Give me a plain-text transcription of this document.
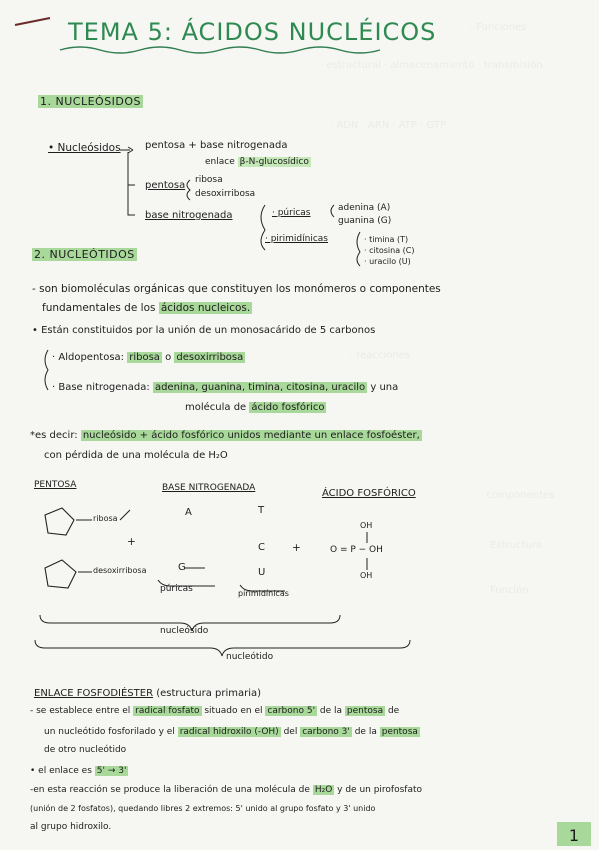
· Funciones
· estructural · almacenamiento · transmisión
· ADN · ARN · ATP · GTP
· reacciones
· componentes
Estructura
Función
TEMA 5: ÁCIDOS NUCLÉICOS
1. NUCLEÓSIDOS
• Nucleósidos pentosa + base nitrogenada
enlace β-N-glucosídico
pentosa ribosa
desoxirribosa
base nitrogenada	· púricas	adenina (A)
guanina (G)
· pirimidínicas	· timina (T)
· citosina (C)
· uracilo (U)
2. NUCLEÓTIDOS
- son biomoléculas orgánicas que constituyen los monómeros o componentes
fundamentales de los ácidos nucleicos.
• Están constituidos por la unión de un monosacárido de 5 carbonos
· Aldopentosa: ribosa o desoxirribosa
· Base nitrogenada: adenina, guanina, timina, citosina, uracilo y una
molécula de ácido fosfórico
*es decir: nucleósido + ácido fosfórico unidos mediante un enlace fosfoéster,
con pérdida de una molécula de H₂O
PENTOSA	BASE NITROGENADA	ÁCIDO FOSFÓRICO
ribosa
desoxirribosa
A	T
G
C
U
+	+
OH
O = P − OH
OH
púricas	pirimidínicas
nucleósido
nucleótido
ENLACE FOSFODIÉSTER (estructura primaria)
- se establece entre el radical fosfato situado en el carbono 5' de la pentosa de
un nucleótido fosforilado y el radical hidroxilo (-OH) del carbono 3' de la pentosa
de otro nucleótido
• el enlace es 5' → 3'
-en esta reacción se produce la liberación de una molécula de H₂O y de un pirofosfato
(unión de 2 fosfatos), quedando libres 2 extremos: 5' unido al grupo fosfato y 3' unido
al grupo hidroxilo.	1
